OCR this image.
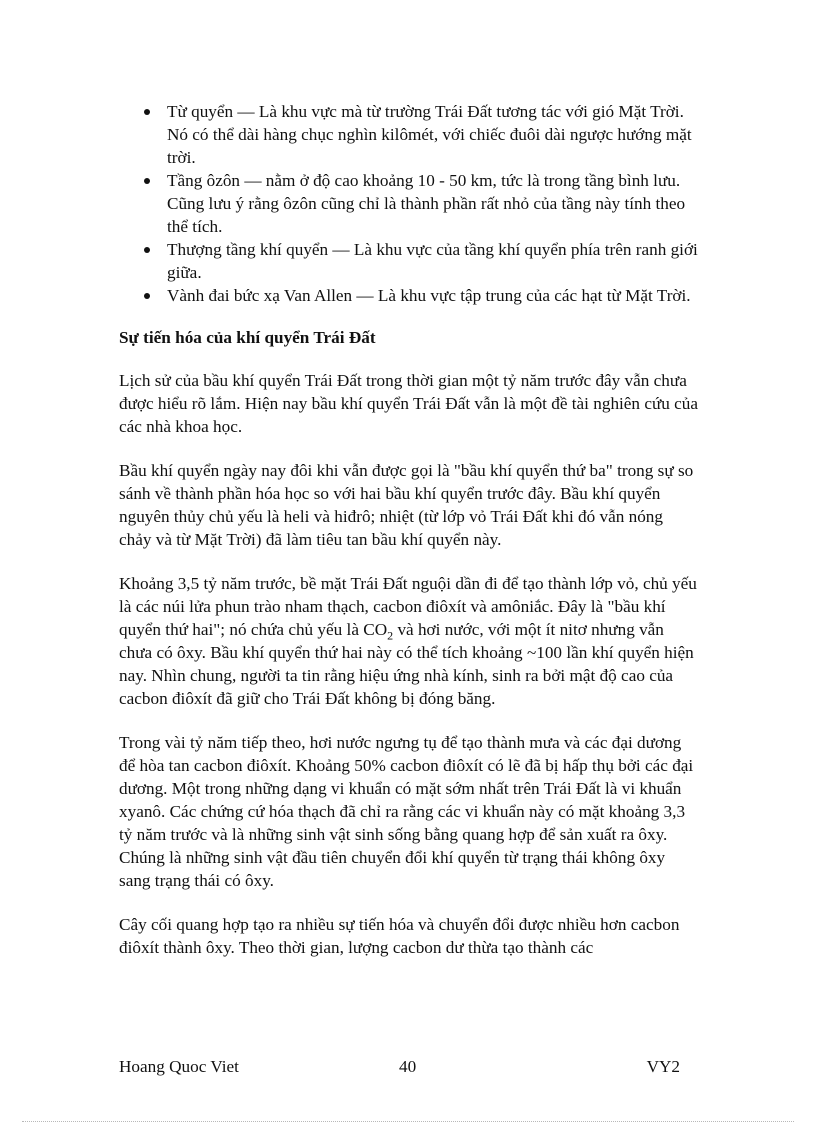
Từ quyển — Là khu vực mà từ trường Trái Đất tương tác với gió Mặt Trời. Nó có thể dài hàng chục nghìn kilômét, với chiếc đuôi dài ngược hướng mặt trời.
Tầng ôzôn — nằm ở độ cao khoảng 10 - 50 km, tức là trong tầng bình lưu. Cũng lưu ý rằng ôzôn cũng chỉ là thành phần rất nhỏ của tầng này tính theo thể tích.
Thượng tầng khí quyển — Là khu vực của tầng khí quyển phía trên ranh giới giữa.
Vành đai bức xạ Van Allen — Là khu vực tập trung của các hạt từ Mặt Trời.
Sự tiến hóa của khí quyển Trái Đất

Lịch sử của bầu khí quyển Trái Đất trong thời gian một tỷ năm trước đây vẫn chưa được hiểu rõ lắm. Hiện nay bầu khí quyển Trái Đất vẫn là một đề tài nghiên cứu của các nhà khoa học.

Bầu khí quyển ngày nay đôi khi vẫn được gọi là "bầu khí quyển thứ ba" trong sự so sánh về thành phần hóa học so với hai bầu khí quyển trước đây. Bầu khí quyển nguyên thủy chủ yếu là heli và hiđrô; nhiệt (từ lớp vỏ Trái Đất khi đó vẫn nóng chảy và từ Mặt Trời) đã làm tiêu tan bầu khí quyển này.

Khoảng 3,5 tỷ năm trước, bề mặt Trái Đất nguội dần đi để tạo thành lớp vỏ, chủ yếu là các núi lửa phun trào nham thạch, cacbon điôxít và amôniắc. Đây là "bầu khí quyển thứ hai"; nó chứa chủ yếu là $CO_2$ và hơi nước, với một ít nitơ nhưng vẫn chưa có ôxy. Bầu khí quyển thứ hai này có thể tích khoảng ~100 lần khí quyển hiện nay. Nhìn chung, người ta tin rằng hiệu ứng nhà kính, sinh ra bởi mật độ cao của cacbon điôxít đã giữ cho Trái Đất không bị đóng băng.

Trong vài tỷ năm tiếp theo, hơi nước ngưng tụ để tạo thành mưa và các đại dương để hòa tan cacbon điôxít. Khoảng 50% cacbon điôxít có lẽ đã bị hấp thụ bởi các đại dương. Một trong những dạng vi khuẩn có mặt sớm nhất trên Trái Đất là vi khuẩn xyanô. Các chứng cứ hóa thạch đã chỉ ra rằng các vi khuẩn này có mặt khoảng 3,3 tỷ năm trước và là những sinh vật sinh sống bằng quang hợp để sản xuất ra ôxy. Chúng là những sinh vật đầu tiên chuyển đổi khí quyển từ trạng thái không ôxy sang trạng thái có ôxy.

Cây cối quang hợp tạo ra nhiều sự tiến hóa và chuyển đổi được nhiều hơn cacbon điôxít thành ôxy. Theo thời gian, lượng cacbon dư thừa tạo thành các

Hoang Quoc Viet	40	VY2
